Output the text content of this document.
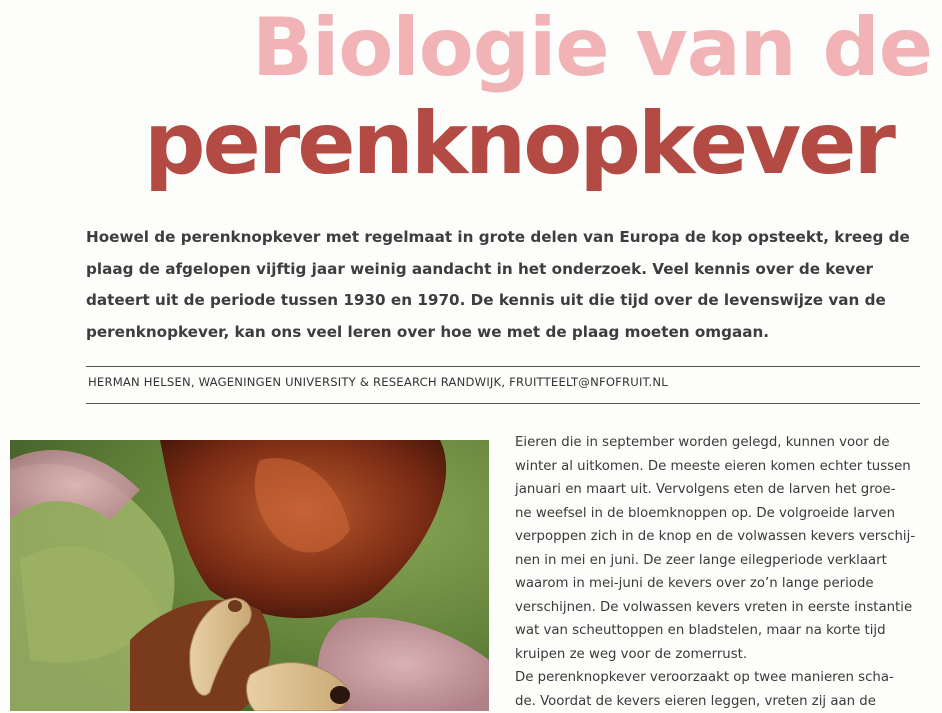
Biologie van de
perenknopkever
Hoewel de perenknopkever met regelmaat in grote delen van Europa de kop opsteekt, kreeg de plaag de afgelopen vijftig jaar weinig aandacht in het onderzoek. Veel kennis over de kever dateert uit de periode tussen 1930 en 1970. De kennis uit die tijd over de levenswijze van de perenknopkever, kan ons veel leren over hoe we met de plaag moeten omgaan.
HERMAN HELSEN, WAGENINGEN UNIVERSITY & RESEARCH RANDWIJK, FRUITTEELT@NFOFRUIT.NL
Eieren die in september worden gelegd, kunnen voor de
winter al uitkomen. De meeste eieren komen echter tussen
januari en maart uit. Vervolgens eten de larven het groe-
ne weefsel in de bloemknoppen op. De volgroeide larven
verpoppen zich in de knop en de volwassen kevers verschij-
nen in mei en juni. De zeer lange eilegperiode verklaart
waarom in mei-juni de kevers over zo’n lange periode
verschijnen. De volwassen kevers vreten in eerste instantie
wat van scheuttoppen en bladstelen, maar na korte tijd
kruipen ze weg voor de zomerrust.
De perenknopkever veroorzaakt op twee manieren scha-
de. Voordat de kevers eieren leggen, vreten zij aan de
